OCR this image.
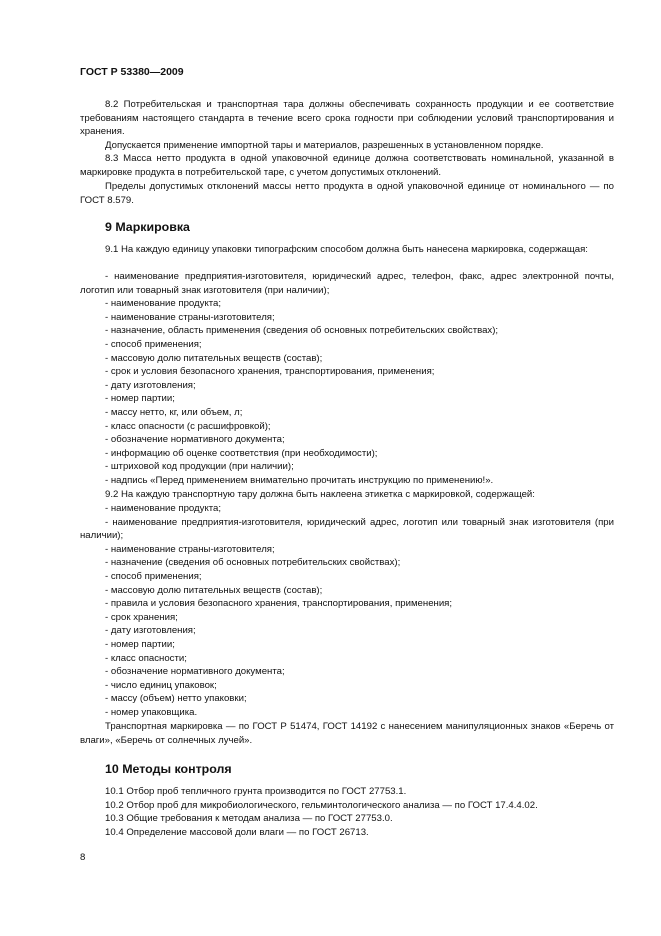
ГОСТ Р 53380—2009

8.2 Потребительская и транспортная тара должны обеспечивать сохранность продукции и ее соответствие требованиям настоящего стандарта в течение всего срока годности при соблюдении условий транспортирования и хранения.

Допускается применение импортной тары и материалов, разрешенных в установленном порядке.

8.3 Масса нетто продукта в одной упаковочной единице должна соответствовать номинальной, указанной в маркировке продукта в потребительской таре, с учетом допустимых отклонений.

Пределы допустимых отклонений массы нетто продукта в одной упаковочной единице от номинального — по ГОСТ 8.579.

9 Маркировка

9.1 На каждую единицу упаковки типографским способом должна быть нанесена маркировка, содержащая:

- наименование предприятия-изготовителя, юридический адрес, телефон, факс, адрес электронной почты, логотип или товарный знак изготовителя (при наличии);
- наименование продукта;
- наименование страны-изготовителя;
- назначение, область применения (сведения об основных потребительских свойствах);
- способ применения;
- массовую долю питательных веществ (состав);
- срок и условия безопасного хранения, транспортирования, применения;
- дату изготовления;
- номер партии;
- массу нетто, кг, или объем, л;
- класс опасности (с расшифровкой);
- обозначение нормативного документа;
- информацию об оценке соответствия (при необходимости);
- штриховой код продукции (при наличии);
- надпись «Перед применением внимательно прочитать инструкцию по применению!».

9.2 На каждую транспортную тару должна быть наклеена этикетка с маркировкой, содержащей:

- наименование продукта;
- наименование предприятия-изготовителя, юридический адрес, логотип или товарный знак изготовителя (при наличии);
- наименование страны-изготовителя;
- назначение (сведения об основных потребительских свойствах);
- способ применения;
- массовую долю питательных веществ (состав);
- правила и условия безопасного хранения, транспортирования, применения;
- срок хранения;
- дату изготовления;
- номер партии;
- класс опасности;
- обозначение нормативного документа;
- число единиц упаковок;
- массу (объем) нетто упаковки;
- номер упаковщика.

Транспортная маркировка — по ГОСТ Р 51474, ГОСТ 14192 с нанесением манипуляционных знаков «Беречь от влаги», «Беречь от солнечных лучей».

10 Методы контроля
10.1 Отбор проб тепличного грунта производится по ГОСТ 27753.1.
10.2 Отбор проб для микробиологического, гельминтологического анализа — по ГОСТ 17.4.4.02.
10.3 Общие требования к методам анализа — по ГОСТ 27753.0.
10.4 Определение массовой доли влаги — по ГОСТ 26713.
8
